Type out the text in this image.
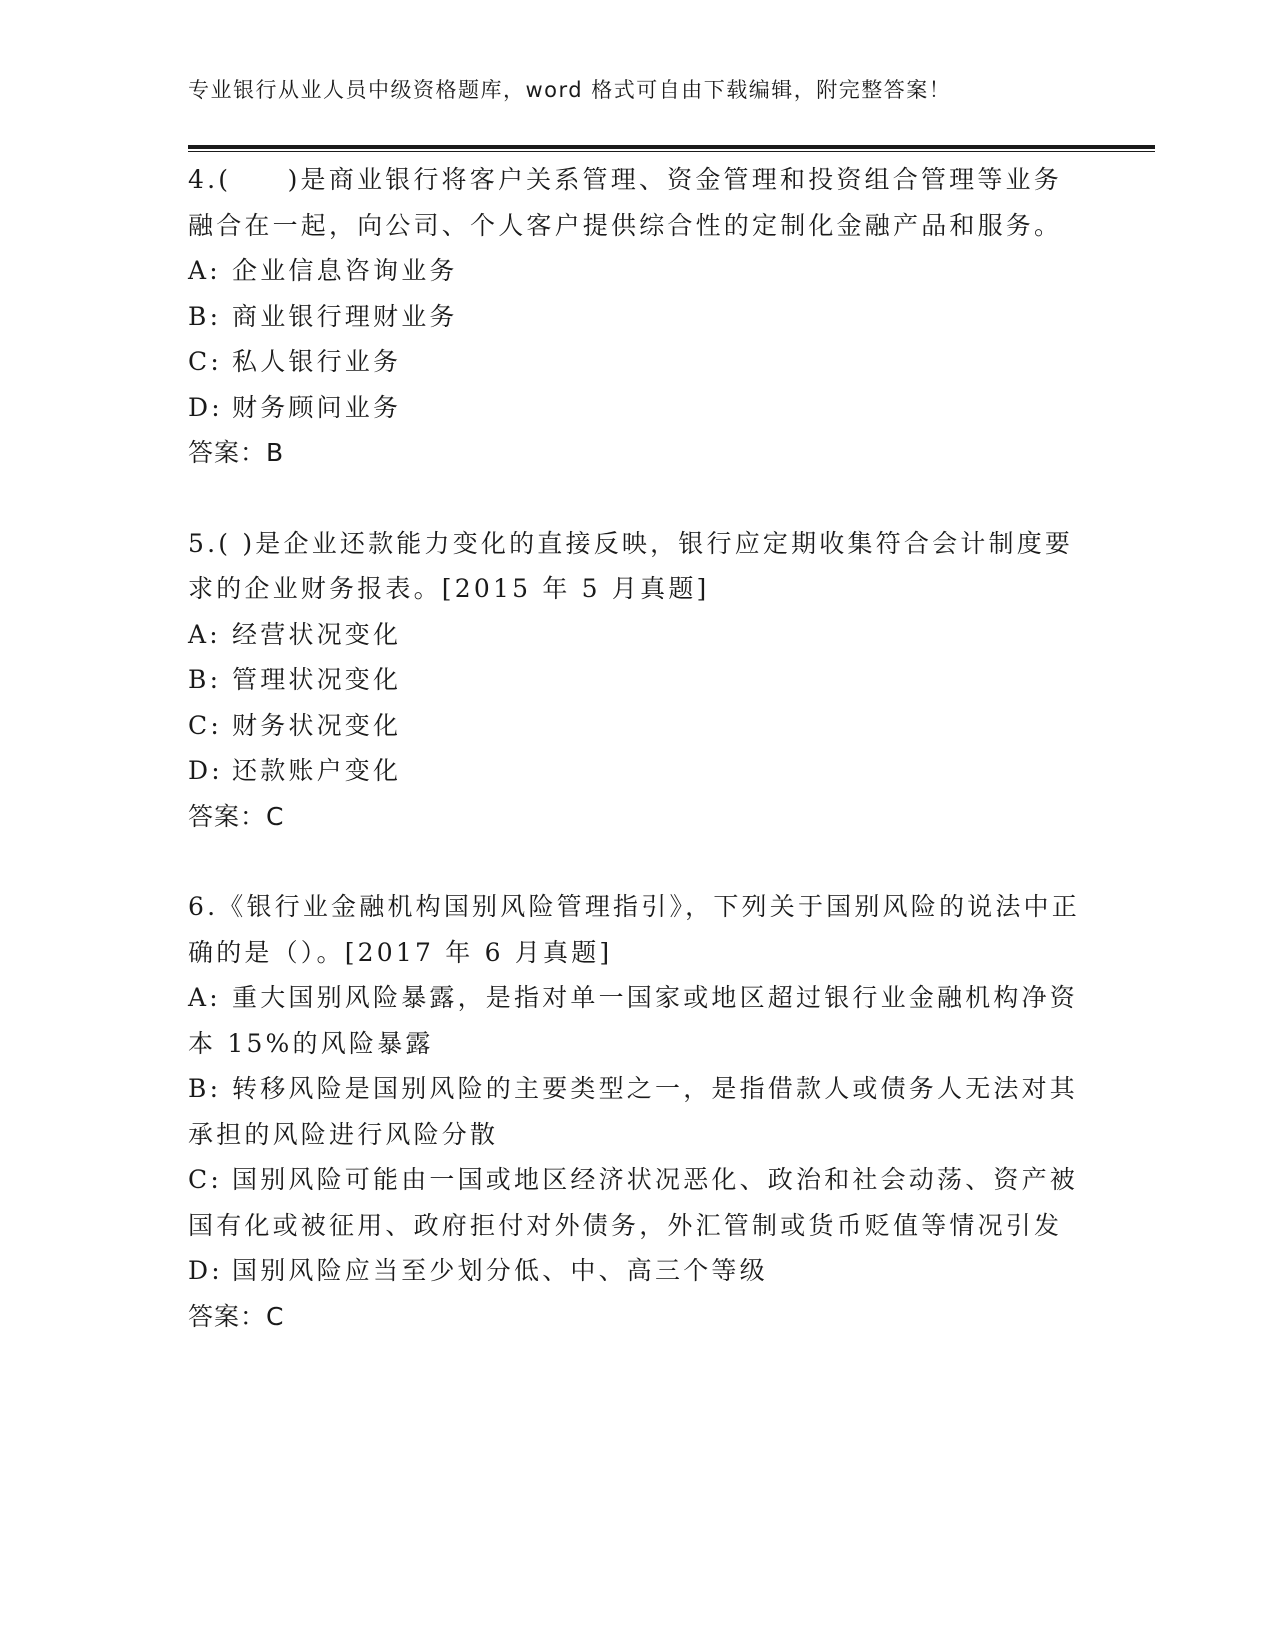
专业银行从业人员中级资格题库，word 格式可自由下载编辑，附完整答案！

4.(　　)是商业银行将客户关系管理、资金管理和投资组合管理等业务融合在一起，向公司、个人客户提供综合性的定制化金融产品和服务。

A: 企业信息咨询业务

B: 商业银行理财业务

C: 私人银行业务

D: 财务顾问业务

答案：B

5.( )是企业还款能力变化的直接反映，银行应定期收集符合会计制度要求的企业财务报表。[2015 年 5 月真题]

A: 经营状况变化

B: 管理状况变化

C: 财务状况变化

D: 还款账户变化

答案：C

6.《银行业金融机构国别风险管理指引》，下列关于国别风险的说法中正确的是（）。[2017 年 6 月真题]

A: 重大国别风险暴露，是指对单一国家或地区超过银行业金融机构净资本 15%的风险暴露

B: 转移风险是国别风险的主要类型之一，是指借款人或债务人无法对其承担的风险进行风险分散

C: 国别风险可能由一国或地区经济状况恶化、政治和社会动荡、资产被国有化或被征用、政府拒付对外债务，外汇管制或货币贬值等情况引发

D: 国别风险应当至少划分低、中、高三个等级

答案：C
